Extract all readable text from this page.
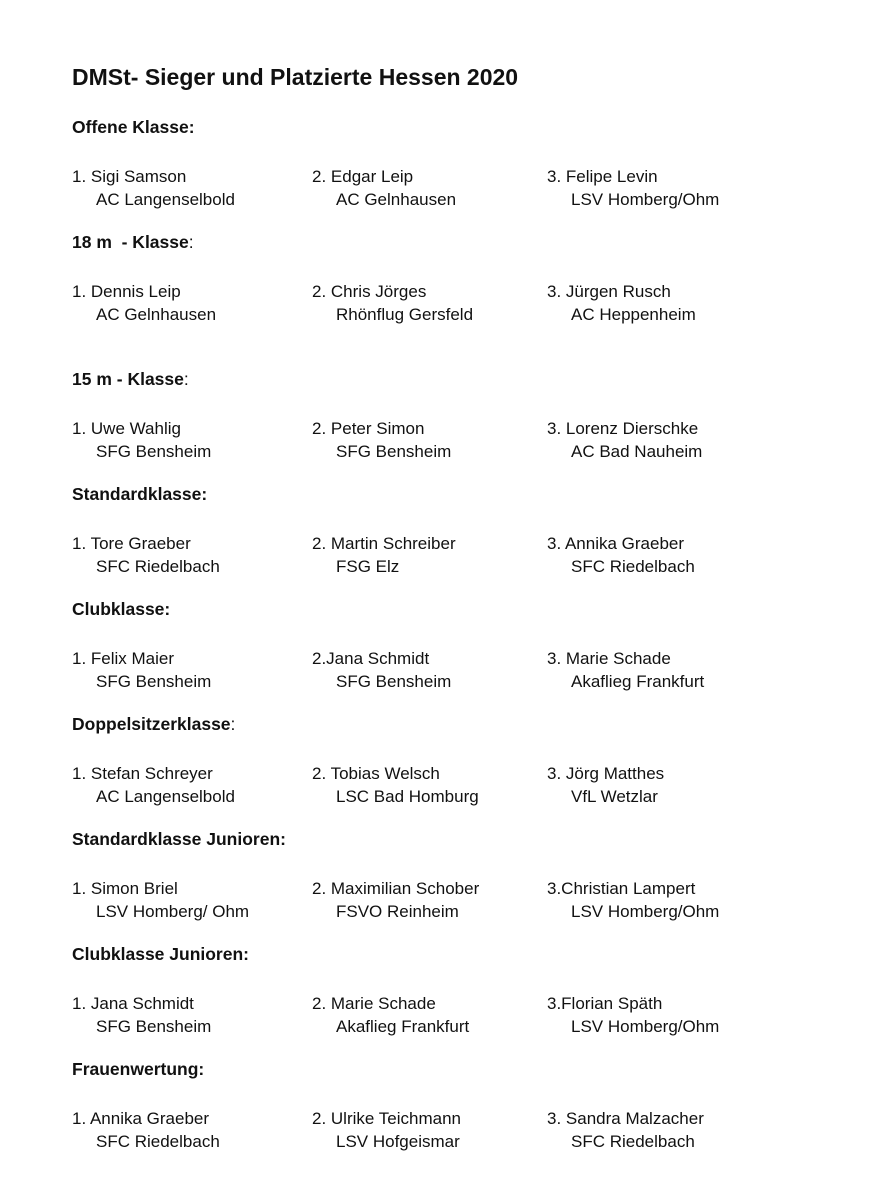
DMSt- Sieger und Platzierte Hessen 2020
Offene Klasse:
1. Sigi Samson
AC Langenselbold
2. Edgar Leip
AC Gelnhausen
3. Felipe Levin
LSV Homberg/Ohm
18 m  - Klasse:
1. Dennis Leip
AC Gelnhausen
2. Chris Jörges
Rhönflug Gersfeld
3. Jürgen Rusch
AC Heppenheim
15 m - Klasse:
1. Uwe Wahlig
SFG Bensheim
2. Peter Simon
SFG Bensheim
3. Lorenz Dierschke
AC Bad Nauheim
Standardklasse:
1. Tore Graeber
SFC Riedelbach
2. Martin Schreiber
FSG Elz
3. Annika Graeber
SFC Riedelbach
Clubklasse:
1. Felix Maier
SFG Bensheim
2.Jana Schmidt
SFG Bensheim
3. Marie Schade
Akaflieg Frankfurt
Doppelsitzerklasse:
1. Stefan Schreyer
AC Langenselbold
2. Tobias Welsch
LSC Bad Homburg
3. Jörg Matthes
VfL Wetzlar
Standardklasse Junioren:
1. Simon Briel
LSV Homberg/ Ohm
2. Maximilian Schober
FSVO Reinheim
3.Christian Lampert
LSV Homberg/Ohm
Clubklasse Junioren:
1. Jana Schmidt
SFG Bensheim
2. Marie Schade
Akaflieg Frankfurt
3.Florian Späth
LSV Homberg/Ohm
Frauenwertung:
1. Annika Graeber
SFC Riedelbach
2. Ulrike Teichmann
LSV Hofgeismar
3. Sandra Malzacher
SFC Riedelbach
